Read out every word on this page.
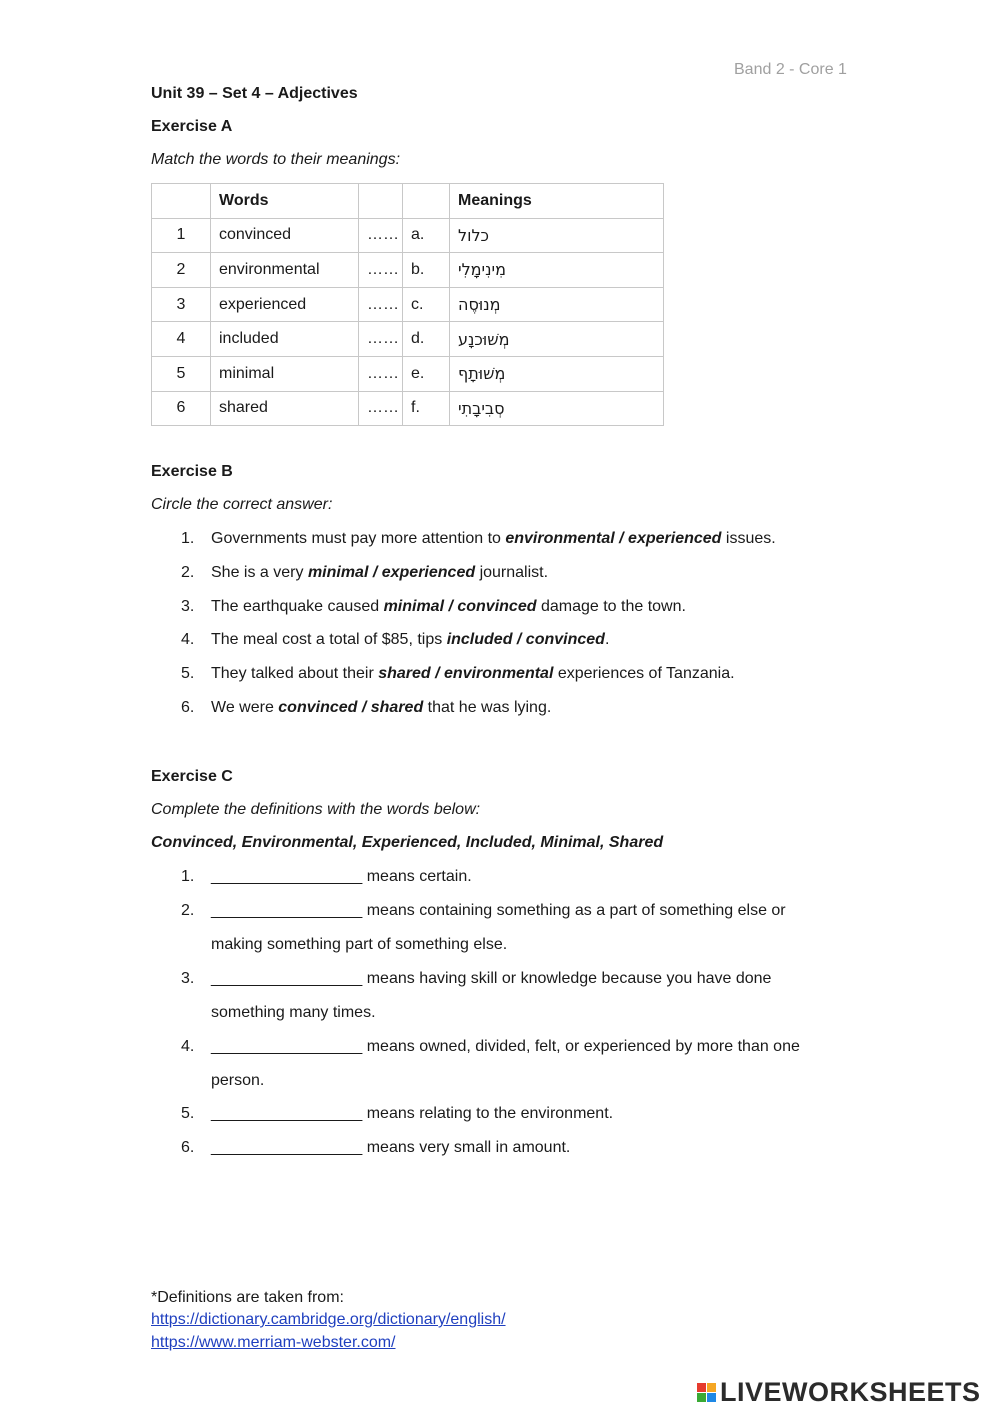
Band 2 - Core 1
Unit 39 – Set 4 – Adjectives
Exercise A
Match the words to their meanings:
	Words			Meanings
1	convinced	……	a.	כלול
2	environmental	……	b.	מִינִימָלִי
3	experienced	……	c.	מְנוּסֶה
4	included	……	d.	מְשׁוּכנָע
5	minimal	……	e.	מְשׁוּתָף
6	shared	……	f.	סְבִיבָתִי
Exercise B
Circle the correct answer:
1. Governments must pay more attention to environmental / experienced issues.
2. She is a very minimal / experienced journalist.
3. The earthquake caused minimal / convinced damage to the town.
4. The meal cost a total of $85, tips included / convinced.
5. They talked about their shared / environmental experiences of Tanzania.
6. We were convinced / shared that he was lying.
Exercise C
Complete the definitions with the words below:
Convinced, Environmental, Experienced, Included, Minimal, Shared
1. _________________ means certain.
2. _________________ means containing something as a part of something else or
making something part of something else.
3. _________________ means having skill or knowledge because you have done
something many times.
4. _________________ means owned, divided, felt, or experienced by more than one
person.
5. _________________ means relating to the environment.
6. _________________ means very small in amount.
*Definitions are taken from:
https://dictionary.cambridge.org/dictionary/english/
https://www.merriam-webster.com/
LIVEWORKSHEETS
